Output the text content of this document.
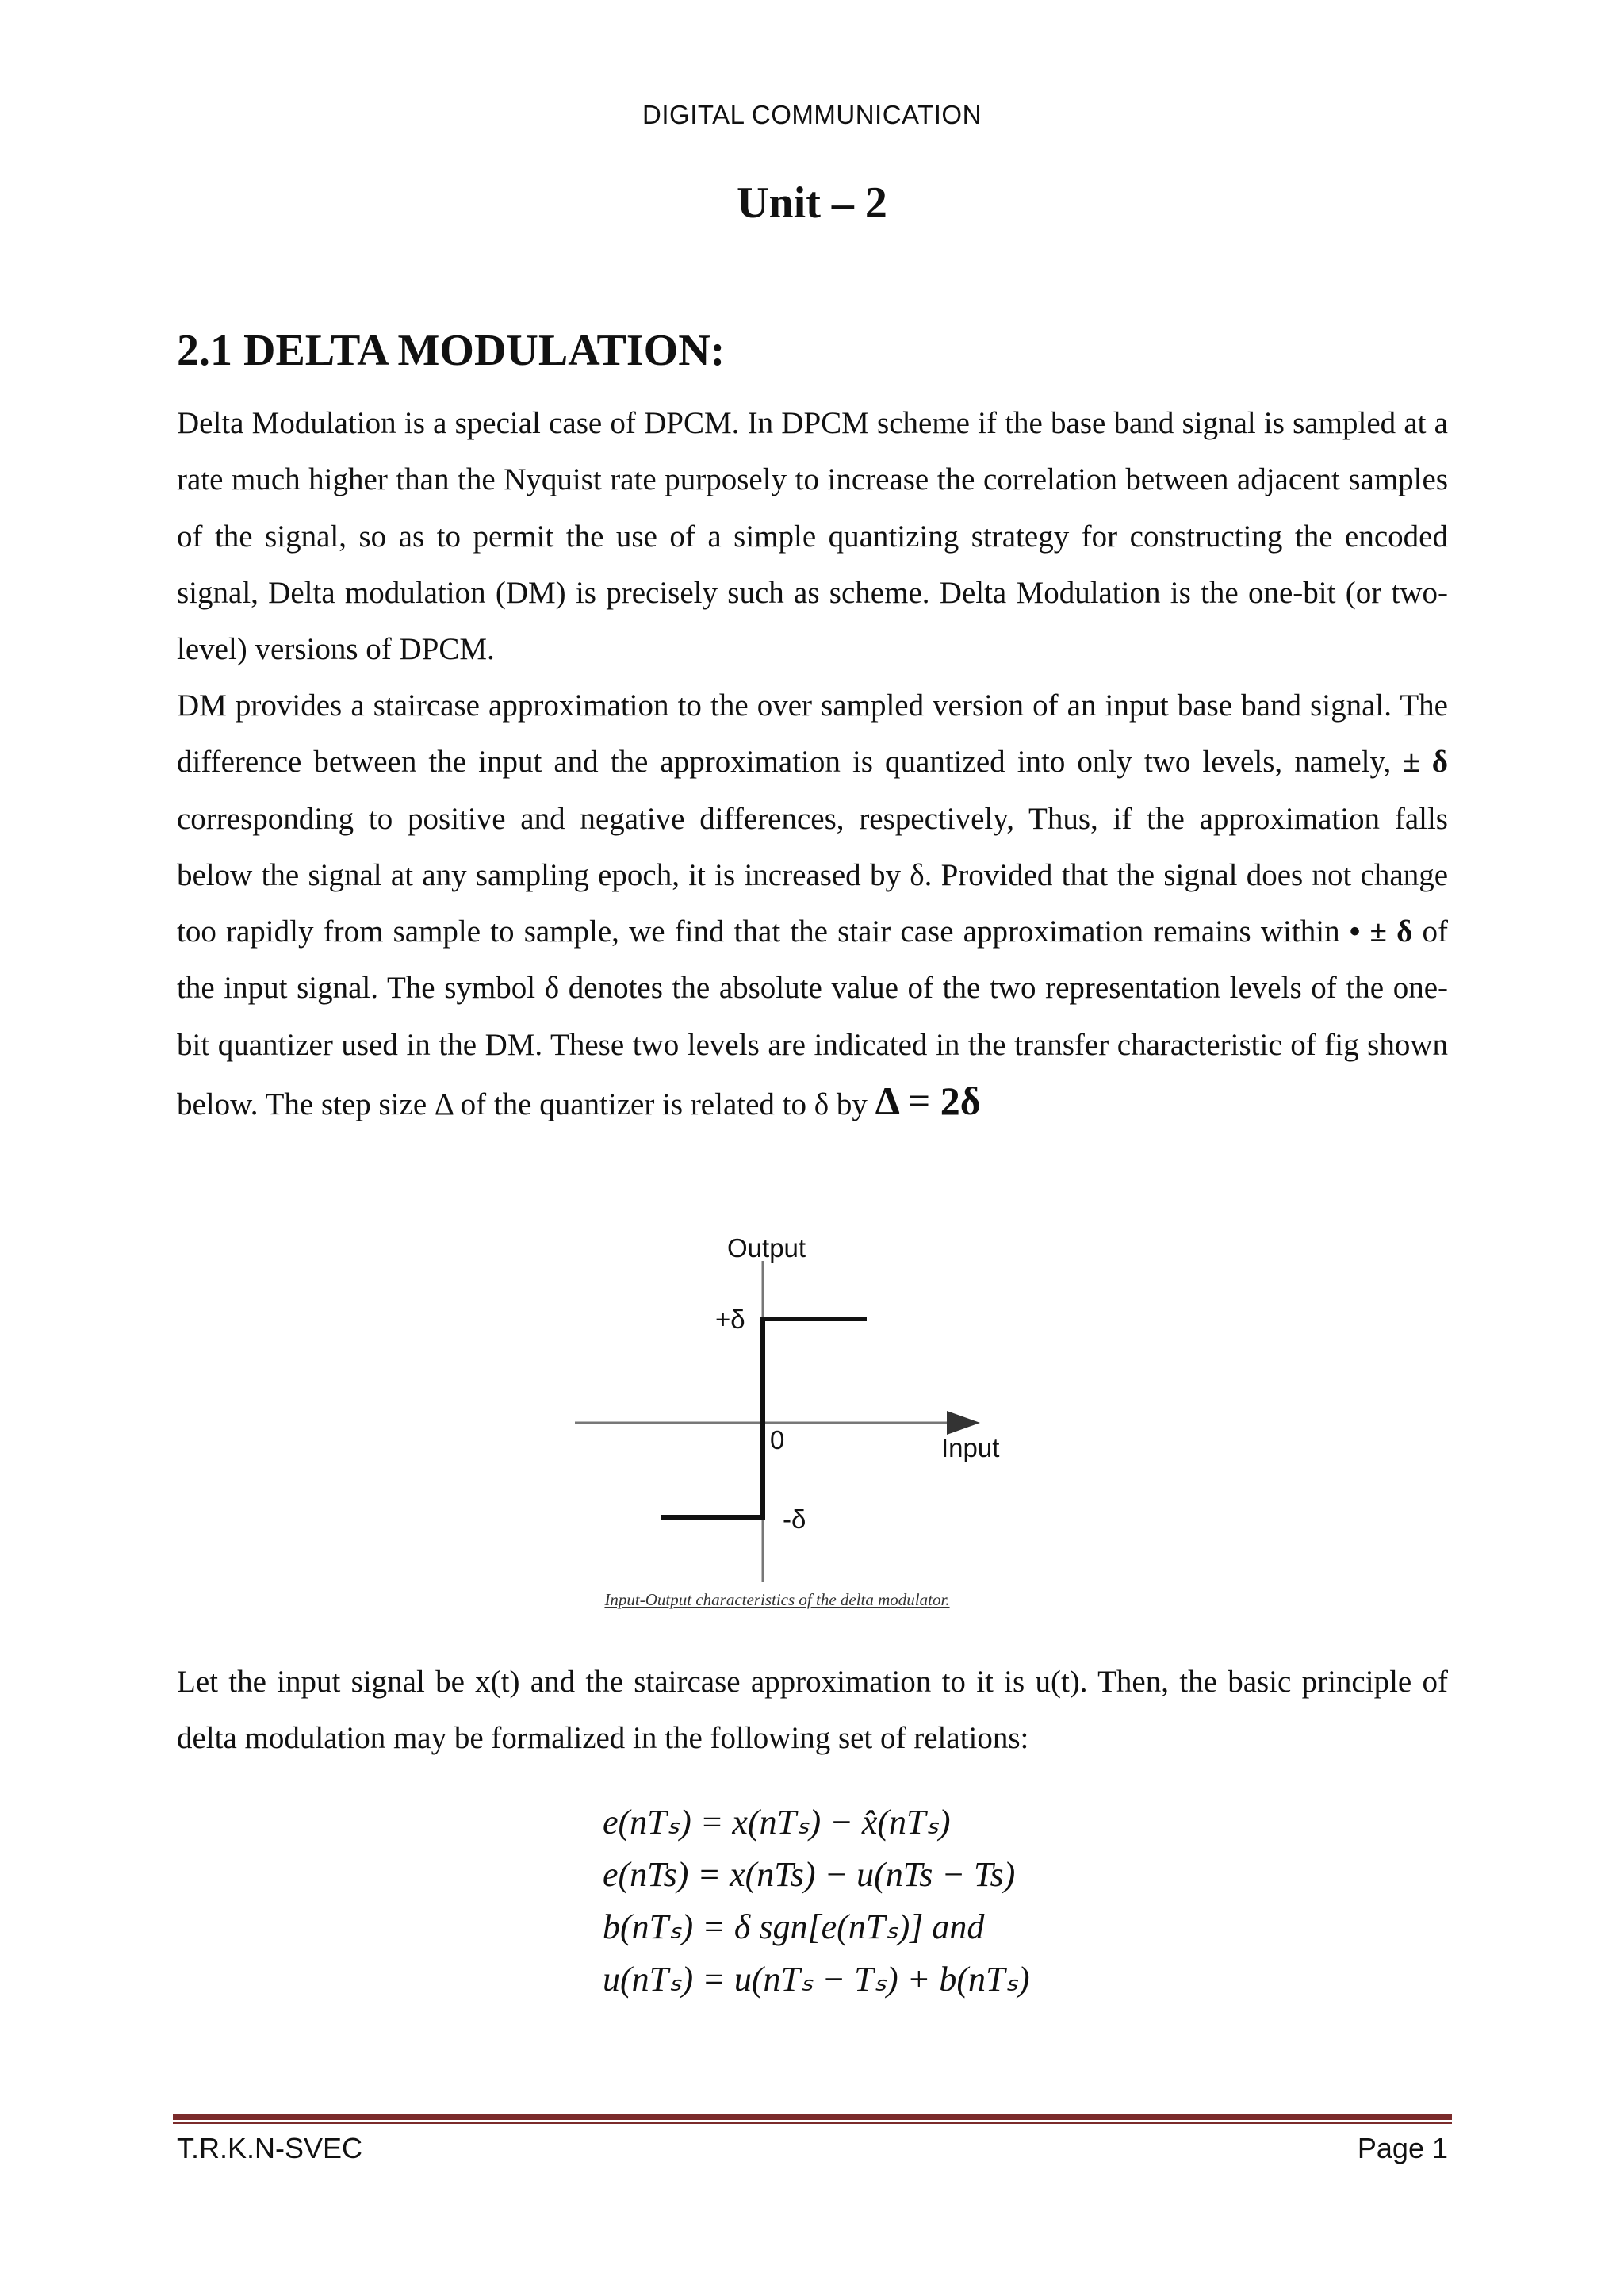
DIGITAL COMMUNICATION
Unit – 2
2.1 DELTA MODULATION:

Delta Modulation is a special case of DPCM. In DPCM scheme if the base band signal is sampled at a rate much higher than the Nyquist rate purposely to increase the correlation between adjacent samples of the signal, so as to permit the use of a simple quantizing strategy for constructing the encoded signal, Delta modulation (DM) is precisely such as scheme. Delta Modulation is the one-bit (or two-level) versions of DPCM.

DM provides a staircase approximation to the over sampled version of an input base band signal. The difference between the input and the approximation is quantized into only two levels, namely, ± δ corresponding to positive and negative differences, respectively, Thus, if the approximation falls below the signal at any sampling epoch, it is increased by δ. Provided that the signal does not change too rapidly from sample to sample, we find that the stair case approximation remains within • ± δ of the input signal. The symbol δ denotes the absolute value of the two representation levels of the one-bit quantizer used in the DM. These two levels are indicated in the transfer characteristic of fig shown below. The step size Δ of the quantizer is related to δ by Δ = 2δ

Output
+δ
0	Input
-δ
Input-Output characteristics of the delta modulator.

Let the input signal be x(t) and the staircase approximation to it is u(t). Then, the basic principle of delta modulation may be formalized in the following set of relations:

e(nTₛ) = x(nTₛ) − x̂(nTₛ)
e(nTs) = x(nTs) − u(nTs − Ts)
b(nTₛ) = δ sgn[e(nTₛ)] and
u(nTₛ) = u(nTₛ − Tₛ) + b(nTₛ)
T.R.K.N-SVEC	Page 1
